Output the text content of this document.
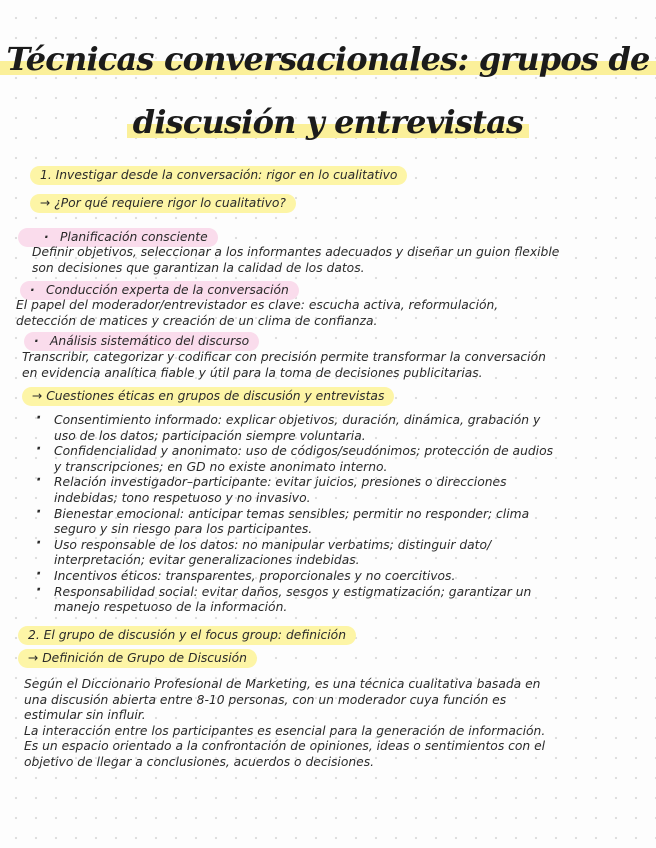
Técnicas conversacionales: grupos de
discusión y entrevistas
1. Investigar desde la conversación: rigor en lo cualitativo
→ ¿Por qué requiere rigor lo cualitativo?
· Planificación consciente
Definir objetivos, seleccionar a los informantes adecuados y diseñar un guion flexible
son decisiones que garantizan la calidad de los datos.
· Conducción experta de la conversación
El papel del moderador/entrevistador es clave: escucha activa, reformulación,
detección de matices y creación de un clima de confianza.
· Análisis sistemático del discurso
Transcribir, categorizar y codificar con precisión permite transformar la conversación
en evidencia analítica fiable y útil para la toma de decisiones publicitarias.
→ Cuestiones éticas en grupos de discusión y entrevistas
· Consentimiento informado: explicar objetivos, duración, dinámica, grabación y
uso de los datos; participación siempre voluntaria.
· Confidencialidad y anonimato: uso de códigos/seudónimos; protección de audios
y transcripciones; en GD no existe anonimato interno.
· Relación investigador–participante: evitar juicios, presiones o direcciones
indebidas; tono respetuoso y no invasivo.
· Bienestar emocional: anticipar temas sensibles; permitir no responder; clima
seguro y sin riesgo para los participantes.
· Uso responsable de los datos: no manipular verbatims; distinguir dato/
interpretación; evitar generalizaciones indebidas.
· Incentivos éticos: transparentes, proporcionales y no coercitivos.
· Responsabilidad social: evitar daños, sesgos y estigmatización; garantizar un
manejo respetuoso de la información.
2. El grupo de discusión y el focus group: definición
→ Definición de Grupo de Discusión
Según el Diccionario Profesional de Marketing, es una técnica cualitativa basada en
una discusión abierta entre 8-10 personas, con un moderador cuya función es
estimular sin influir.
La interacción entre los participantes es esencial para la generación de información.
Es un espacio orientado a la confrontación de opiniones, ideas o sentimientos con el
objetivo de llegar a conclusiones, acuerdos o decisiones.
